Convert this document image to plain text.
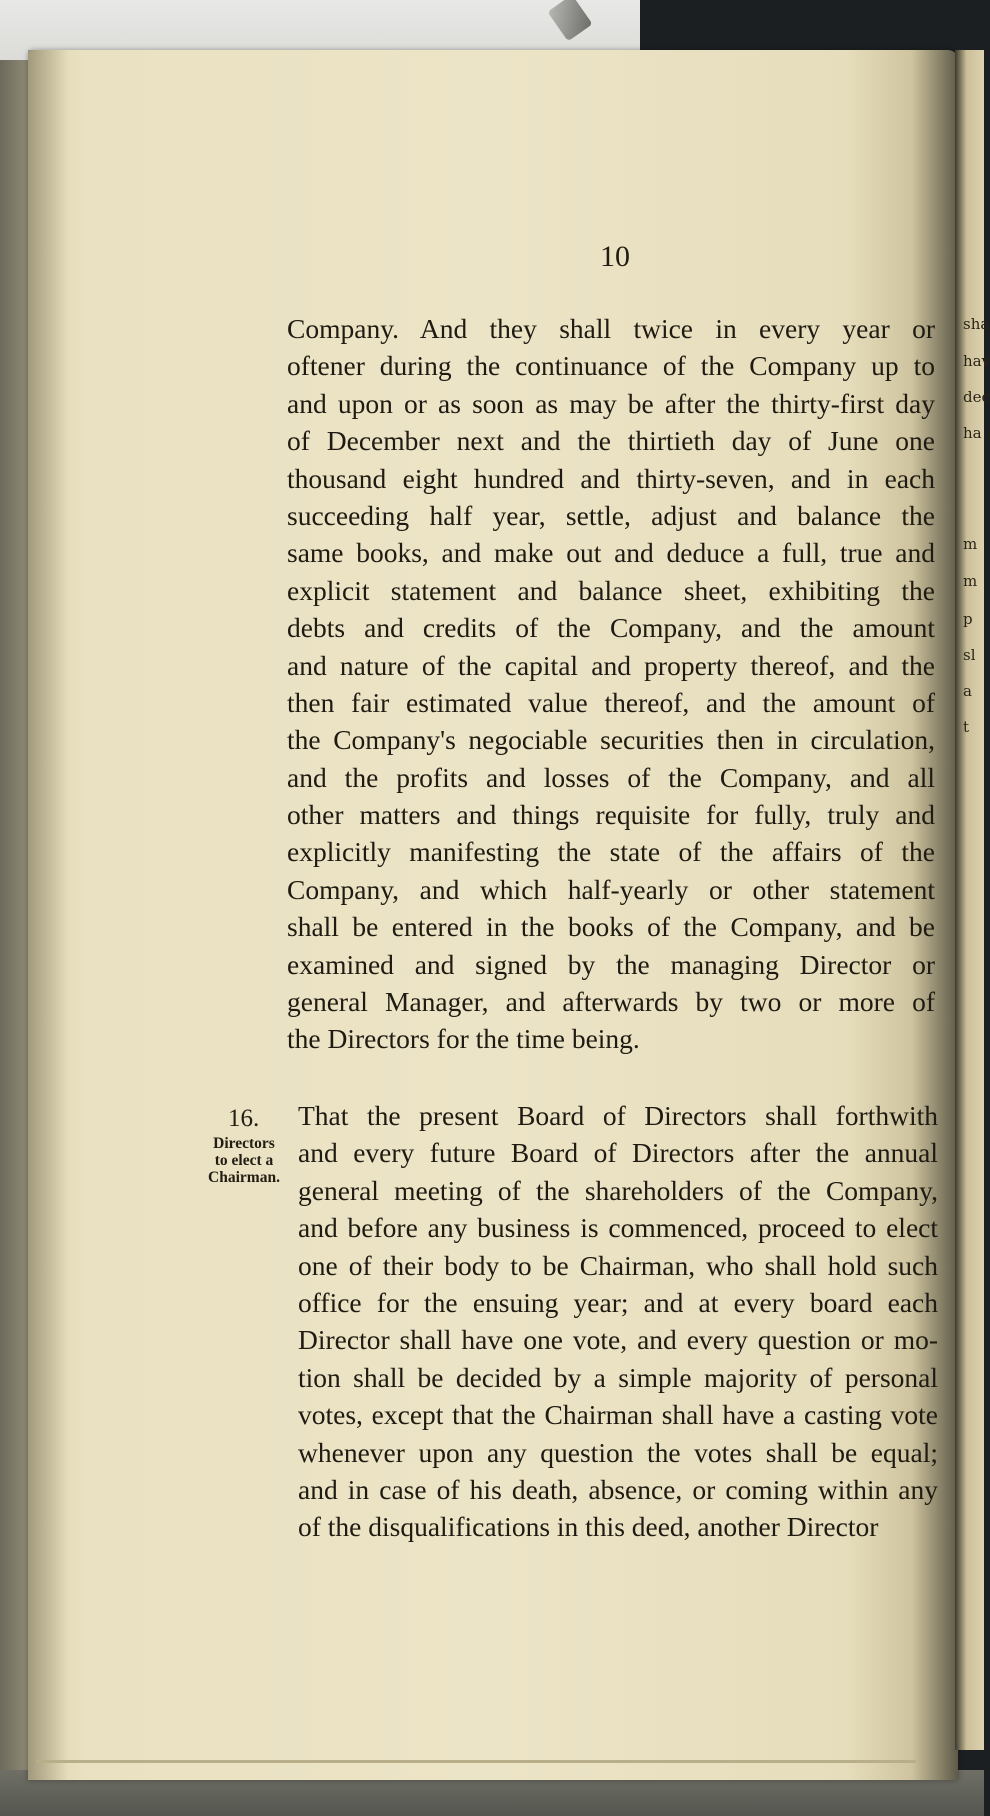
sha
hav
dec
ha
m
m
p
sl
a
t
10
Company. And they shall twice in every year or
oftener during the continuance of the Company up to
and upon or as soon as may be after the thirty-first day
of December next and the thirtieth day of June one
thousand eight hundred and thirty-seven, and in each
succeeding half year, settle, adjust and balance the
same books, and make out and deduce a full, true and
explicit statement and balance sheet, exhibiting the
debts and credits of the Company, and the amount
and nature of the capital and property thereof, and the
then fair estimated value thereof, and the amount of
the Company's negociable securities then in circulation,
and the profits and losses of the Company, and all
other matters and things requisite for fully, truly and
explicitly manifesting the state of the affairs of the
Company, and which half-yearly or other statement
shall be entered in the books of the Company, and be
examined and signed by the managing Director or
general Manager, and afterwards by two or more of
the Directors for the time being.
16.
Directors
to elect a
Chairman.
That the present Board of Directors shall forthwith
and every future Board of Directors after the annual
general meeting of the shareholders of the Company,
and before any business is commenced, proceed to elect
one of their body to be Chairman, who shall hold such
office for the ensuing year; and at every board each
Director shall have one vote, and every question or mo-
tion shall be decided by a simple majority of personal
votes, except that the Chairman shall have a casting vote
whenever upon any question the votes shall be equal;
and in case of his death, absence, or coming within any
of the disqualifications in this deed, another Director
